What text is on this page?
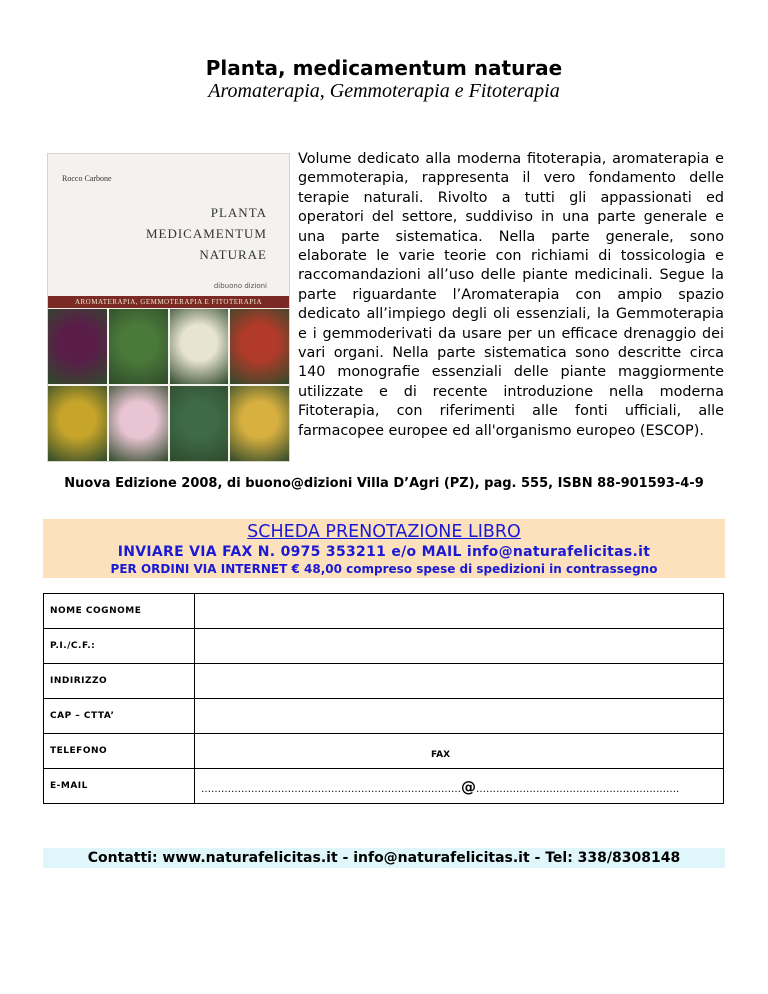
Planta, medicamentum naturae
Aromaterapia, Gemmoterapia e Fitoterapia
Rocco Carbone
PLANTA
MEDICAMENTUM
NATURAE
dibuono dizioni
AROMATERAPIA, GEMMOTERAPIA E FITOTERAPIA
Volume dedicato alla moderna fitoterapia, aromaterapia e gemmoterapia, rappresenta il vero fondamento delle terapie naturali. Rivolto a tutti gli appassionati ed operatori del settore, suddiviso in una parte generale e una parte sistematica. Nella parte generale, sono elaborate le varie teorie con richiami di tossicologia e raccomandazioni all’uso delle piante medicinali. Segue la parte riguardante l’Aromaterapia con ampio spazio dedicato all’impiego degli oli essenziali, la Gemmoterapia e i gemmoderivati da usare per un efficace drenaggio dei vari organi. Nella parte sistematica sono descritte circa 140 monografie essenziali delle piante maggiormente utilizzate e di recente introduzione nella moderna Fitoterapia, con riferimenti alle fonti ufficiali, alle farmacopee europee ed all'organismo europeo (ESCOP).
Nuova Edizione 2008, di buono@dizioni Villa D’Agri (PZ), pag. 555, ISBN 88-901593-4-9
SCHEDA PRENOTAZIONE LIBRO
INVIARE VIA FAX N. 0975 353211 e/o MAIL info@naturafelicitas.it
PER ORDINI VIA INTERNET € 48,00 compreso spese di spedizioni in contrassegno
NOME COGNOME	
P.I./C.F.:	
INDIRIZZO	
CAP – CTTA’	
TELEFONO	FAX
E-MAIL	……………………………………………………………………@…………………………………………………….
Contatti: www.naturafelicitas.it - info@naturafelicitas.it - Tel: 338/8308148
